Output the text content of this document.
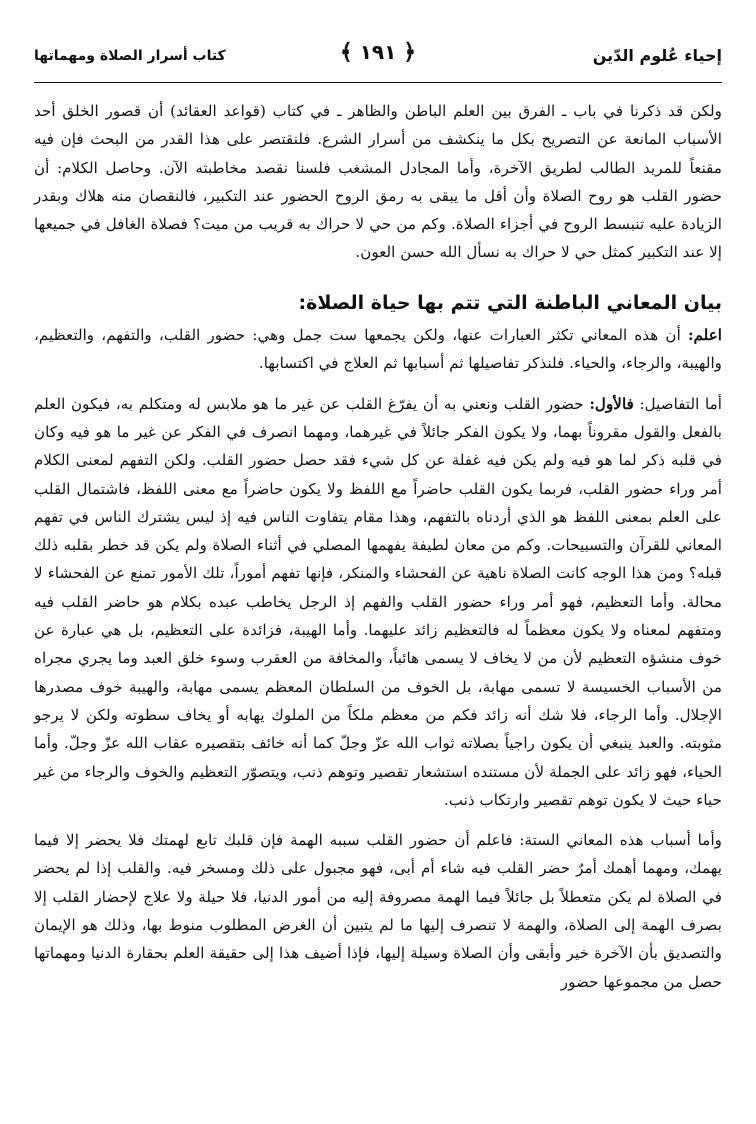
إحياء عُلوم الدّين
﴿ ١٩١ ﴾
كتاب أسرار الصلاة ومهماتها

ولكن قد ذكرنا في باب ـ الفرق بين العلم الباطن والظاهر ـ في كتاب (قواعد العقائد) أن قصور الخلق أحد الأسباب المانعة عن التصريح بكل ما ينكشف من أسرار الشرع. فلنقتصر على هذا القدر من البحث فإن فيه مقنعاً للمريد الطالب لطريق الآخرة، وأما المجادل المشغب فلسنا نقصد مخاطبته الآن. وحاصل الكلام: أن حضور القلب هو روح الصلاة وأن أقل ما يبقى به رمق الروح الحضور عند التكبير، فالنقصان منه هلاك وبقدر الزيادة عليه تنبسط الروح في أجزاء الصلاة. وكم من حي لا حراك به قريب من ميت؟ فصلاة الغافل في جميعها إلا عند التكبير كمثل حي لا حراك به نسأل الله حسن العون.

بيان المعاني الباطنة التي تتم بها حياة الصلاة:

اعلم: أن هذه المعاني تكثر العبارات عنها، ولكن يجمعها ست جمل وهي: حضور القلب، والتفهم، والتعظيم، والهيبة، والرجاء، والحياء. فلنذكر تفاصيلها ثم أسبابها ثم العلاج في اكتسابها.

أما التفاصيل: فالأول: حضور القلب ونعني به أن يفرّغ القلب عن غير ما هو ملابس له ومتكلم به، فيكون العلم بالفعل والقول مقروناً بهما، ولا يكون الفكر جائلاً في غيرهما، ومهما انصرف في الفكر عن غير ما هو فيه وكان في قلبه ذكر لما هو فيه ولم يكن فيه غفلة عن كل شيء فقد حصل حضور القلب. ولكن التفهم لمعنى الكلام أمر وراء حضور القلب، فربما يكون القلب حاضراً مع اللفظ ولا يكون حاضراً مع معنى اللفظ، فاشتمال القلب على العلم بمعنى اللفظ هو الذي أردناه بالتفهم، وهذا مقام يتفاوت الناس فيه إذ ليس يشترك الناس في تفهم المعاني للقرآن والتسبيحات. وكم من معان لطيفة يفهمها المصلي في أثناء الصلاة ولم يكن قد خطر بقلبه ذلك قبله؟ ومن هذا الوجه كانت الصلاة ناهية عن الفحشاء والمنكر، فإنها تفهم أموراً، تلك الأمور تمنع عن الفحشاء لا محالة. وأما التعظيم، فهو أمر وراء حضور القلب والفهم إذ الرجل يخاطب عبده بكلام هو حاضر القلب فيه ومتفهم لمعناه ولا يكون معظماً له فالتعظيم زائد عليهما. وأما الهيبة، فزائدة على التعظيم، بل هي عبارة عن خوف منشؤه التعظيم لأن من لا يخاف لا يسمى هائباً، والمخافة من العقرب وسوء خلق العبد وما يجري مجراه من الأسباب الخسيسة لا تسمى مهابة، بل الخوف من السلطان المعظم يسمى مهابة، والهيبة خوف مصدرها الإجلال. وأما الرجاء، فلا شك أنه زائد فكم من معظم ملكاً من الملوك يهابه أو يخاف سطوته ولكن لا يرجو مثوبته. والعبد ينبغي أن يكون راجياً بصلاته ثواب الله عزّ وجلّ كما أنه خائف بتقصيره عقاب الله عزّ وجلّ. وأما الحياء، فهو زائد على الجملة لأن مستنده استشعار تقصير وتوهم ذنب، ويتصوّر التعظيم والخوف والرجاء من غير حياء حيث لا يكون توهم تقصير وارتكاب ذنب.

وأما أسباب هذه المعاني الستة: فاعلم أن حضور القلب سببه الهمة فإن قلبك تابع لهمتك فلا يحضر إلا فيما يهمك، ومهما أهمك أمرٌ حضر القلب فيه شاء أم أبى، فهو مجبول على ذلك ومسخر فيه. والقلب إذا لم يحضر في الصلاة لم يكن متعطلاً بل جائلاً فيما الهمة مصروفة إليه من أمور الدنيا، فلا حيلة ولا علاج لإحضار القلب إلا بصرف الهمة إلى الصلاة، والهمة لا تنصرف إليها ما لم يتبين أن الغرض المطلوب منوط بها، وذلك هو الإيمان والتصديق بأن الآخرة خير وأبقى وأن الصلاة وسيلة إليها، فإذا أضيف هذا إلى حقيقة العلم بحقارة الدنيا ومهماتها حصل من مجموعها حضور
